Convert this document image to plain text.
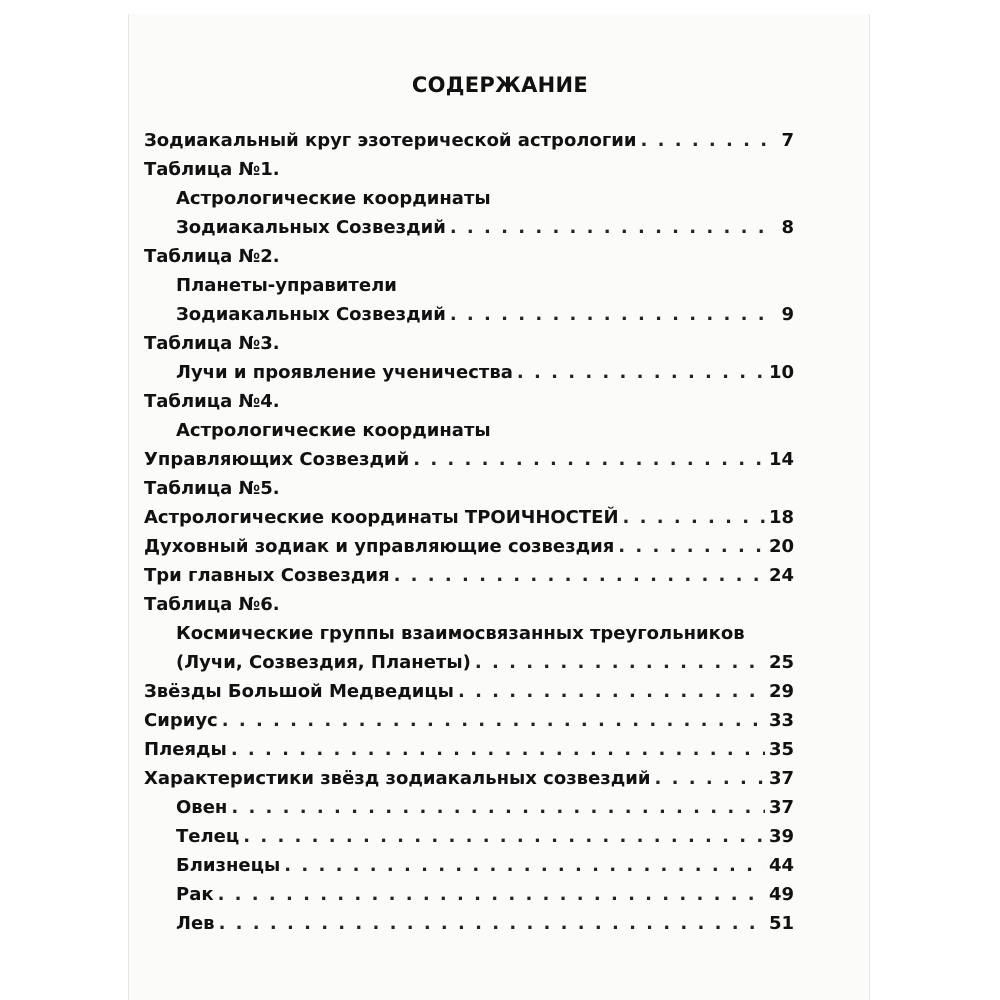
СОДЕРЖАНИЕ
Зодиакальный круг эзотерической астрологии . . .	7
Таблица №1.
Астрологические координаты
Зодиакальных Созвездий . . .	8
Таблица №2.
Планеты-управители
Зодиакальных Созвездий . . .	9
Таблица №3.
Лучи и проявление ученичества . . .	10
Таблица №4.
Астрологические координаты
Управляющих Созвездий . . .	14
Таблица №5.
Астрологические координаты ТРОИЧНОСТЕЙ . . .	18
Духовный зодиак и управляющие созвездия . . .	20
Три главных Созвездия . . .	24
Таблица №6.
Космические группы взаимосвязанных треугольников
(Лучи, Созвездия, Планеты) . . .	25
Звёзды Большой Медведицы . . .	29
Сириус . . .	33
Плеяды . . .	35
Характеристики звёзд зодиакальных созвездий . . .	37
Овен . . .	37
Телец . . .	39
Близнецы . . .	44
Рак . . .	49
Лев . . .	51
